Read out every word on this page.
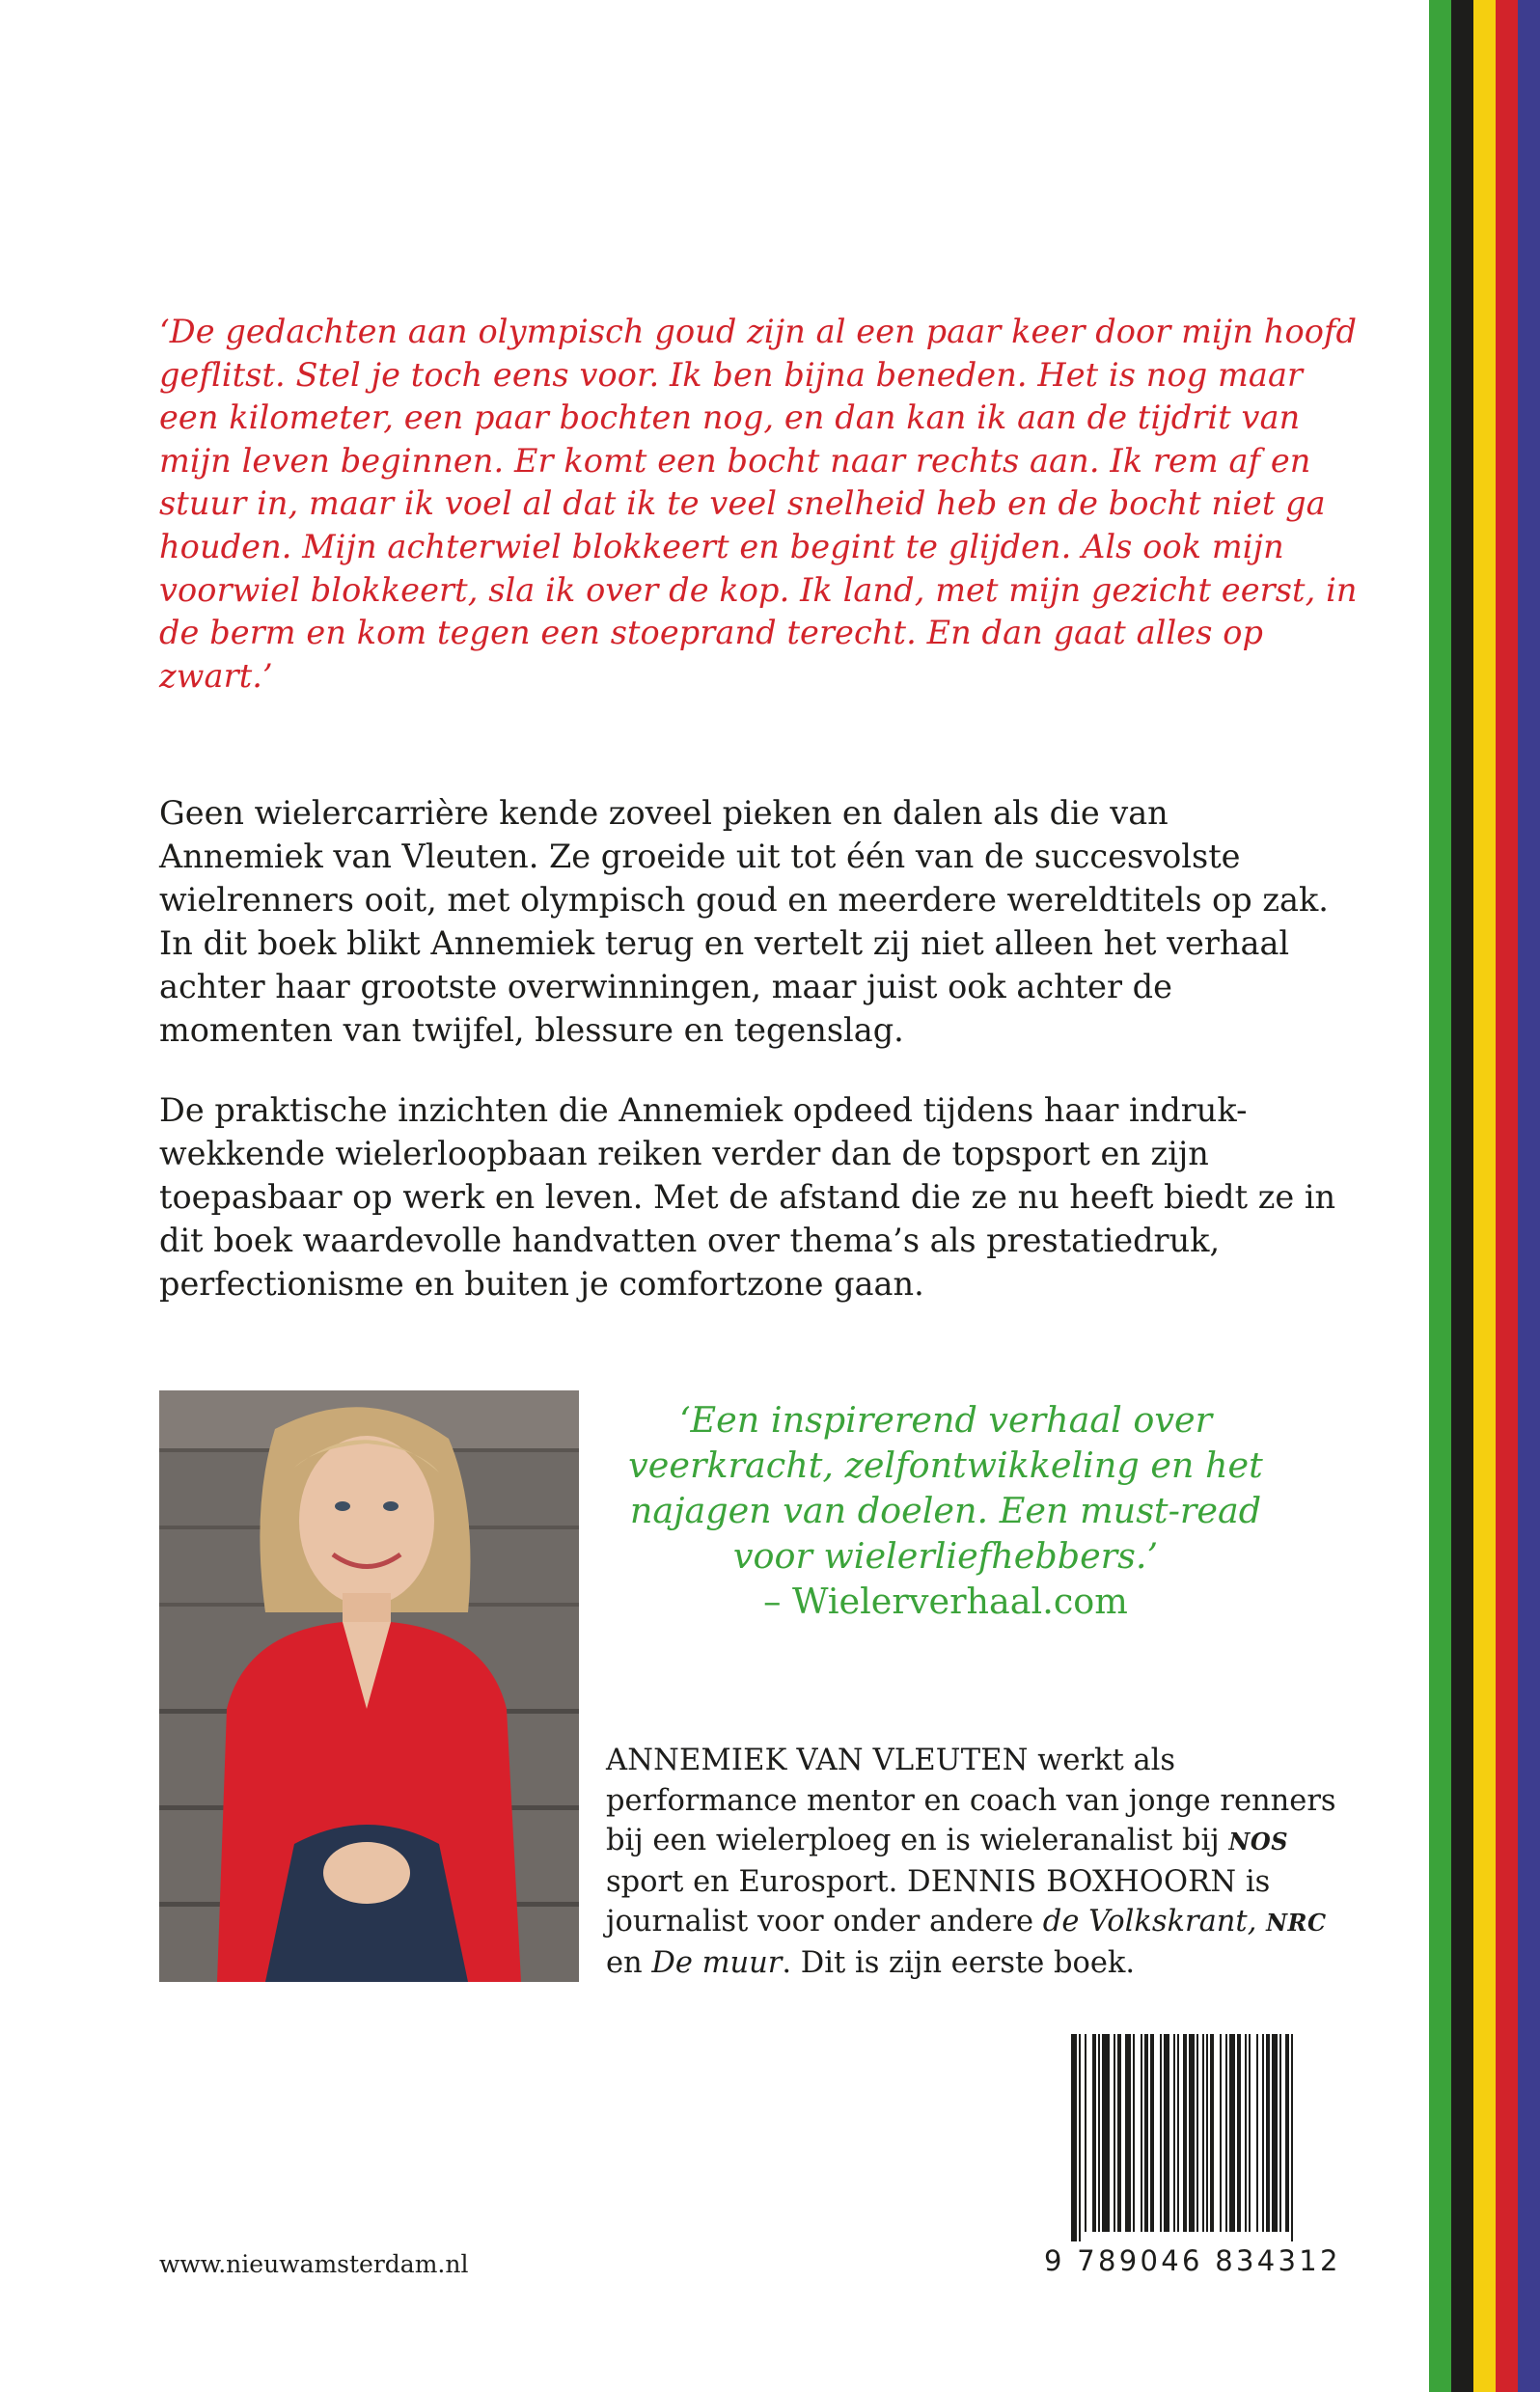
‘De gedachten aan olympisch goud zijn al een paar keer door mijn hoofd geflitst. Stel je toch eens voor. Ik ben bijna beneden. Het is nog maar een kilometer, een paar bochten nog, en dan kan ik aan de tijdrit van mijn leven beginnen. Er komt een bocht naar rechts aan. Ik rem af en stuur in, maar ik voel al dat ik te veel snelheid heb en de bocht niet ga houden. Mijn achterwiel blokkeert en begint te glijden. Als ook mijn voorwiel blokkeert, sla ik over de kop. Ik land, met mijn gezicht eerst, in de berm en kom tegen een stoeprand terecht. En dan gaat alles op zwart.’

Geen wielercarrière kende zoveel pieken en dalen als die van Annemiek van Vleuten. Ze groeide uit tot één van de succesvolste wielrenners ooit, met olympisch goud en meerdere wereldtitels op zak. In dit boek blikt Annemiek terug en vertelt zij niet alleen het verhaal achter haar grootste overwinningen, maar juist ook achter de momenten van twijfel, blessure en tegenslag.

De praktische inzichten die Annemiek opdeed tijdens haar indruk-wekkende wielerloopbaan reiken verder dan de topsport en zijn toepasbaar op werk en leven. Met de afstand die ze nu heeft biedt ze in dit boek waardevolle handvatten over thema’s als prestatiedruk, perfectionisme en buiten je comfortzone gaan.

‘Een inspirerend verhaal over veerkracht, zelfontwikkeling en het najagen van doelen. Een must-read voor wielerliefhebbers.’
– Wielerverhaal.com

ANNEMIEK VAN VLEUTEN werkt als performance mentor en coach van jonge renners bij een wielerploeg en is wieleranalist bij NOS sport en Eurosport. DENNIS BOXHOORN is journalist voor onder andere de Volkskrant, NRC en De muur. Dit is zijn eerste boek.

www.nieuwamsterdam.nl	9 789046 834312
